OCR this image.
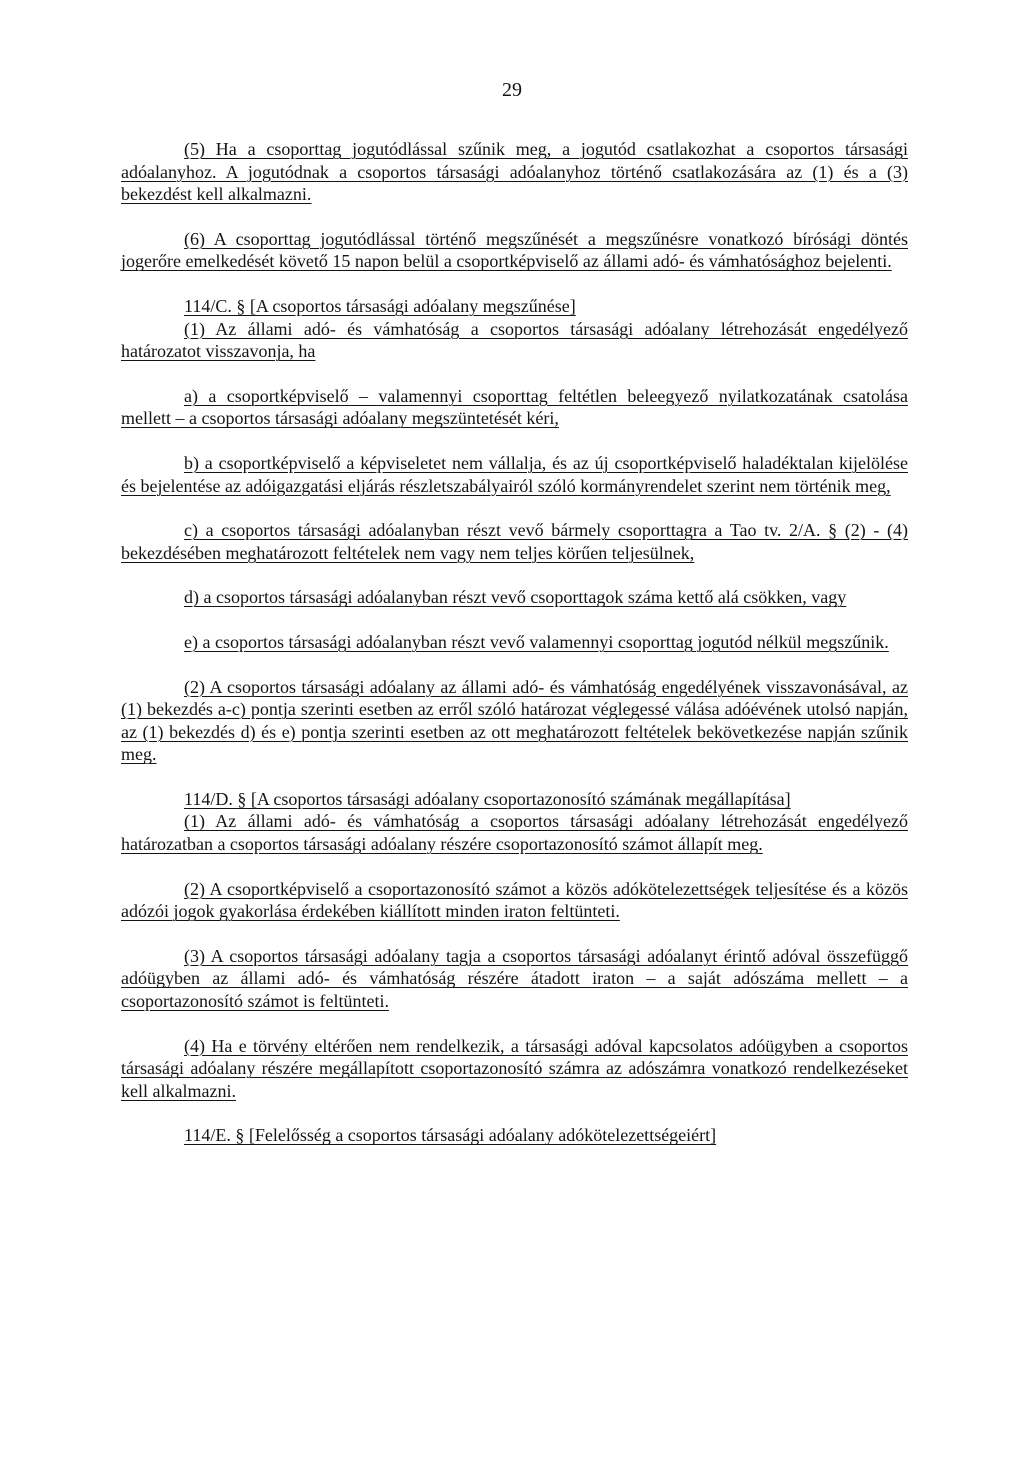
29

(5) Ha a csoporttag jogutódlással szűnik meg, a jogutód csatlakozhat a csoportos társasági adóalanyhoz. A jogutódnak a csoportos társasági adóalanyhoz történő csatlakozására az (1) és a (3) bekezdést kell alkalmazni.

(6) A csoporttag jogutódlással történő megszűnését a megszűnésre vonatkozó bírósági döntés jogerőre emelkedését követő 15 napon belül a csoportképviselő az állami adó- és vámhatósághoz bejelenti.

114/C. § [A csoportos társasági adóalany megszűnése]

(1) Az állami adó- és vámhatóság a csoportos társasági adóalany létrehozását engedélyező határozatot visszavonja, ha

a) a csoportképviselő – valamennyi csoporttag feltétlen beleegyező nyilatkozatának csatolása mellett – a csoportos társasági adóalany megszüntetését kéri,

b) a csoportképviselő a képviseletet nem vállalja, és az új csoportképviselő haladéktalan kijelölése és bejelentése az adóigazgatási eljárás részletszabályairól szóló kormányrendelet szerint nem történik meg,

c) a csoportos társasági adóalanyban részt vevő bármely csoporttagra a Tao tv. 2/A. § (2) - (4) bekezdésében meghatározott feltételek nem vagy nem teljes körűen teljesülnek,

d) a csoportos társasági adóalanyban részt vevő csoporttagok száma kettő alá csökken, vagy

e) a csoportos társasági adóalanyban részt vevő valamennyi csoporttag jogutód nélkül megszűnik.

(2) A csoportos társasági adóalany az állami adó- és vámhatóság engedélyének visszavonásával, az (1) bekezdés a-c) pontja szerinti esetben az erről szóló határozat véglegessé válása adóévének utolsó napján, az (1) bekezdés d) és e) pontja szerinti esetben az ott meghatározott feltételek bekövetkezése napján szűnik meg.

114/D. § [A csoportos társasági adóalany csoportazonosító számának megállapítása]

(1) Az állami adó- és vámhatóság a csoportos társasági adóalany létrehozását engedélyező határozatban a csoportos társasági adóalany részére csoportazonosító számot állapít meg.

(2) A csoportképviselő a csoportazonosító számot a közös adókötelezettségek teljesítése és a közös adózói jogok gyakorlása érdekében kiállított minden iraton feltünteti.

(3) A csoportos társasági adóalany tagja a csoportos társasági adóalanyt érintő adóval összefüggő adóügyben az állami adó- és vámhatóság részére átadott iraton – a saját adószáma mellett – a csoportazonosító számot is feltünteti.

(4) Ha e törvény eltérően nem rendelkezik, a társasági adóval kapcsolatos adóügyben a csoportos társasági adóalany részére megállapított csoportazonosító számra az adószámra vonatkozó rendelkezéseket kell alkalmazni.

114/E. § [Felelősség a csoportos társasági adóalany adókötelezettségeiért]
